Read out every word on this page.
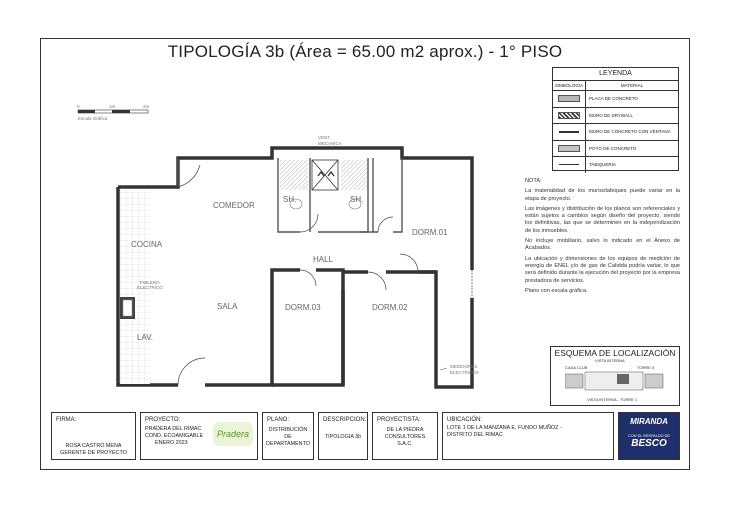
TIPOLOGÍA 3b (Área = 65.00 m2 aprox.) - 1° PISO
0	1m	2m
Escala Gráfica
COMEDOR
COCINA
SALA
LAV.
HALL
DORM.01
DORM.02
DORM.03
SH.	SH.
VENT.
MECANICA
TABLERO
ELECTRICO
MEDIDORES
ELECTRICOS
LEYENDA
SIMBOLOGIA	MATERIAL
PLACA DE CONCRETO
MURO DE DRYWALL
MURO DE CONCRETO CON VENTANA
POYO DE CONCRETO
TABIQUERIA

NOTA:

La materialidad de los muros/tabiques puede variar en la etapa de proyecto.

Las imágenes y distribución de los planos son referenciales y están sujetos a cambios según diseño del proyecto, siendo los definitivas, las que se determinen en la independización de los inmuebles.

No incluye mobiliario, salvo lo indicado en el Anexo de Acabados.

La ubicación y dimensiones de los equipos de medición de energía de ENEL y/o de gas de Calidda podría variar, lo que será definido durante la ejecución del proyecto por la empresa prestadora de servicios.

Plano con escala gráfica.

ESQUEMA DE LOCALIZACIÓN
VISTA INTERNA
CASA CLUB	TORRE 5
VISTA INTERNA - TORRE 1
FIRMA:
ROSA CASTRO MENA
GERENTE DE PROYECTO
PROYECTO:
PRADERA DEL RIMAC
COND. ECOAMIGABLE
ENERO 2023
Pradera
PLANO:
DISTRIBUCIÓN
DE
DEPARTAMENTO
DESCRIPCION:
TIPOLOGIA 3b
PROYECTISTA:
DE LA PIEDRA
CONSULTORES
S.A.C.
UBICACIÓN:
LOTE 1 DE LA MANZANA E, FUNDO MUÑOZ -
DISTRITO DEL RIMAC
MIRANDA
CON EL RESPALDO DE
BESCO
